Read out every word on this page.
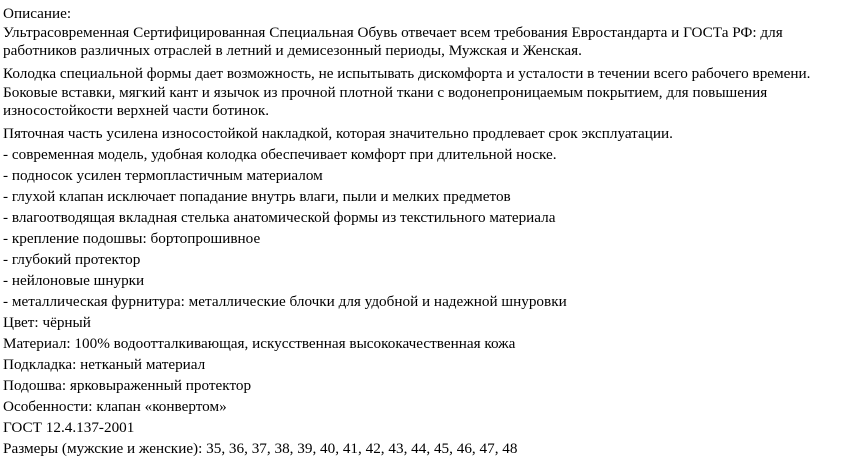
Описание:
Ультрасовременная Сертифицированная Специальная Обувь отвечает всем требования Евростандарта и ГОСТа РФ: для работников различных отраслей в летний и демисезонный периоды, Мужская и Женская.
Колодка специальной формы дает возможность, не испытывать дискомфорта и усталости в течении всего рабочего времени.
Боковые вставки, мягкий кант и язычок из прочной плотной ткани с водонепроницаемым покрытием, для повышения износостойкости верхней части ботинок.
Пяточная часть усилена износостойкой накладкой, которая значительно продлевает срок эксплуатации.
- современная модель, удобная колодка обеспечивает комфорт при длительной носке.
- подносок усилен термопластичным материалом
- глухой клапан исключает попадание внутрь влаги, пыли и мелких предметов
- влагоотводящая вкладная стелька анатомической формы из текстильного материала
- крепление подошвы: бортопрошивное
- глубокий протектор
- нейлоновые шнурки
- металлическая фурнитура: металлические блочки для удобной и надежной шнуровки
Цвет: чёрный
Материал: 100% водоотталкивающая, искусственная высококачественная кожа
Подкладка: нетканый материал
Подошва: ярковыраженный протектор
Особенности: клапан «конвертом»
ГОСТ 12.4.137-2001
Размеры (мужские и женские): 35, 36, 37, 38, 39, 40, 41, 42, 43, 44, 45, 46, 47, 48
